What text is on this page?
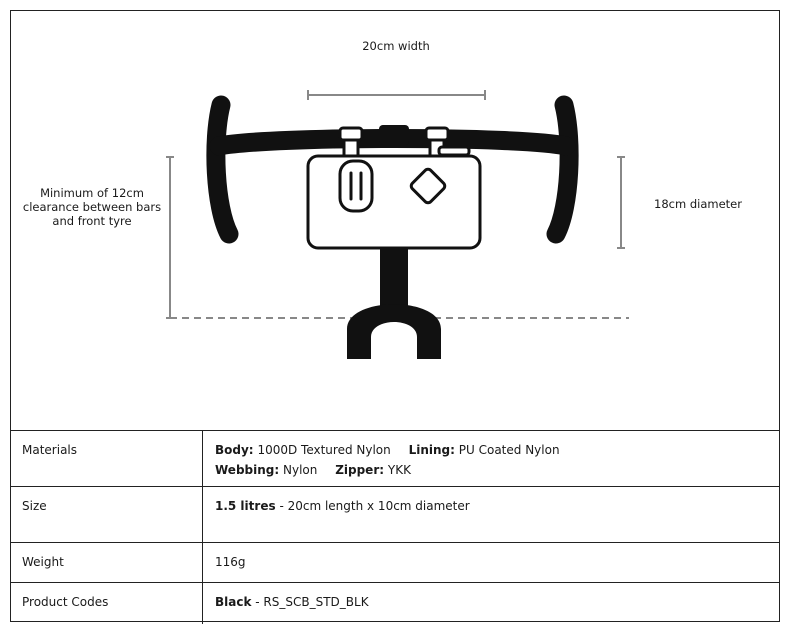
20cm width
Minimum of 12cm clearance between bars and front tyre
18cm diameter
Materials	Body: 1000D Textured Nylon Lining: PU Coated Nylon
Webbing: Nylon Zipper: YKK

Size	1.5 litres - 20cm length x 10cm diameter

Weight	116g

Product Codes	Black - RS_SCB_STD_BLK
